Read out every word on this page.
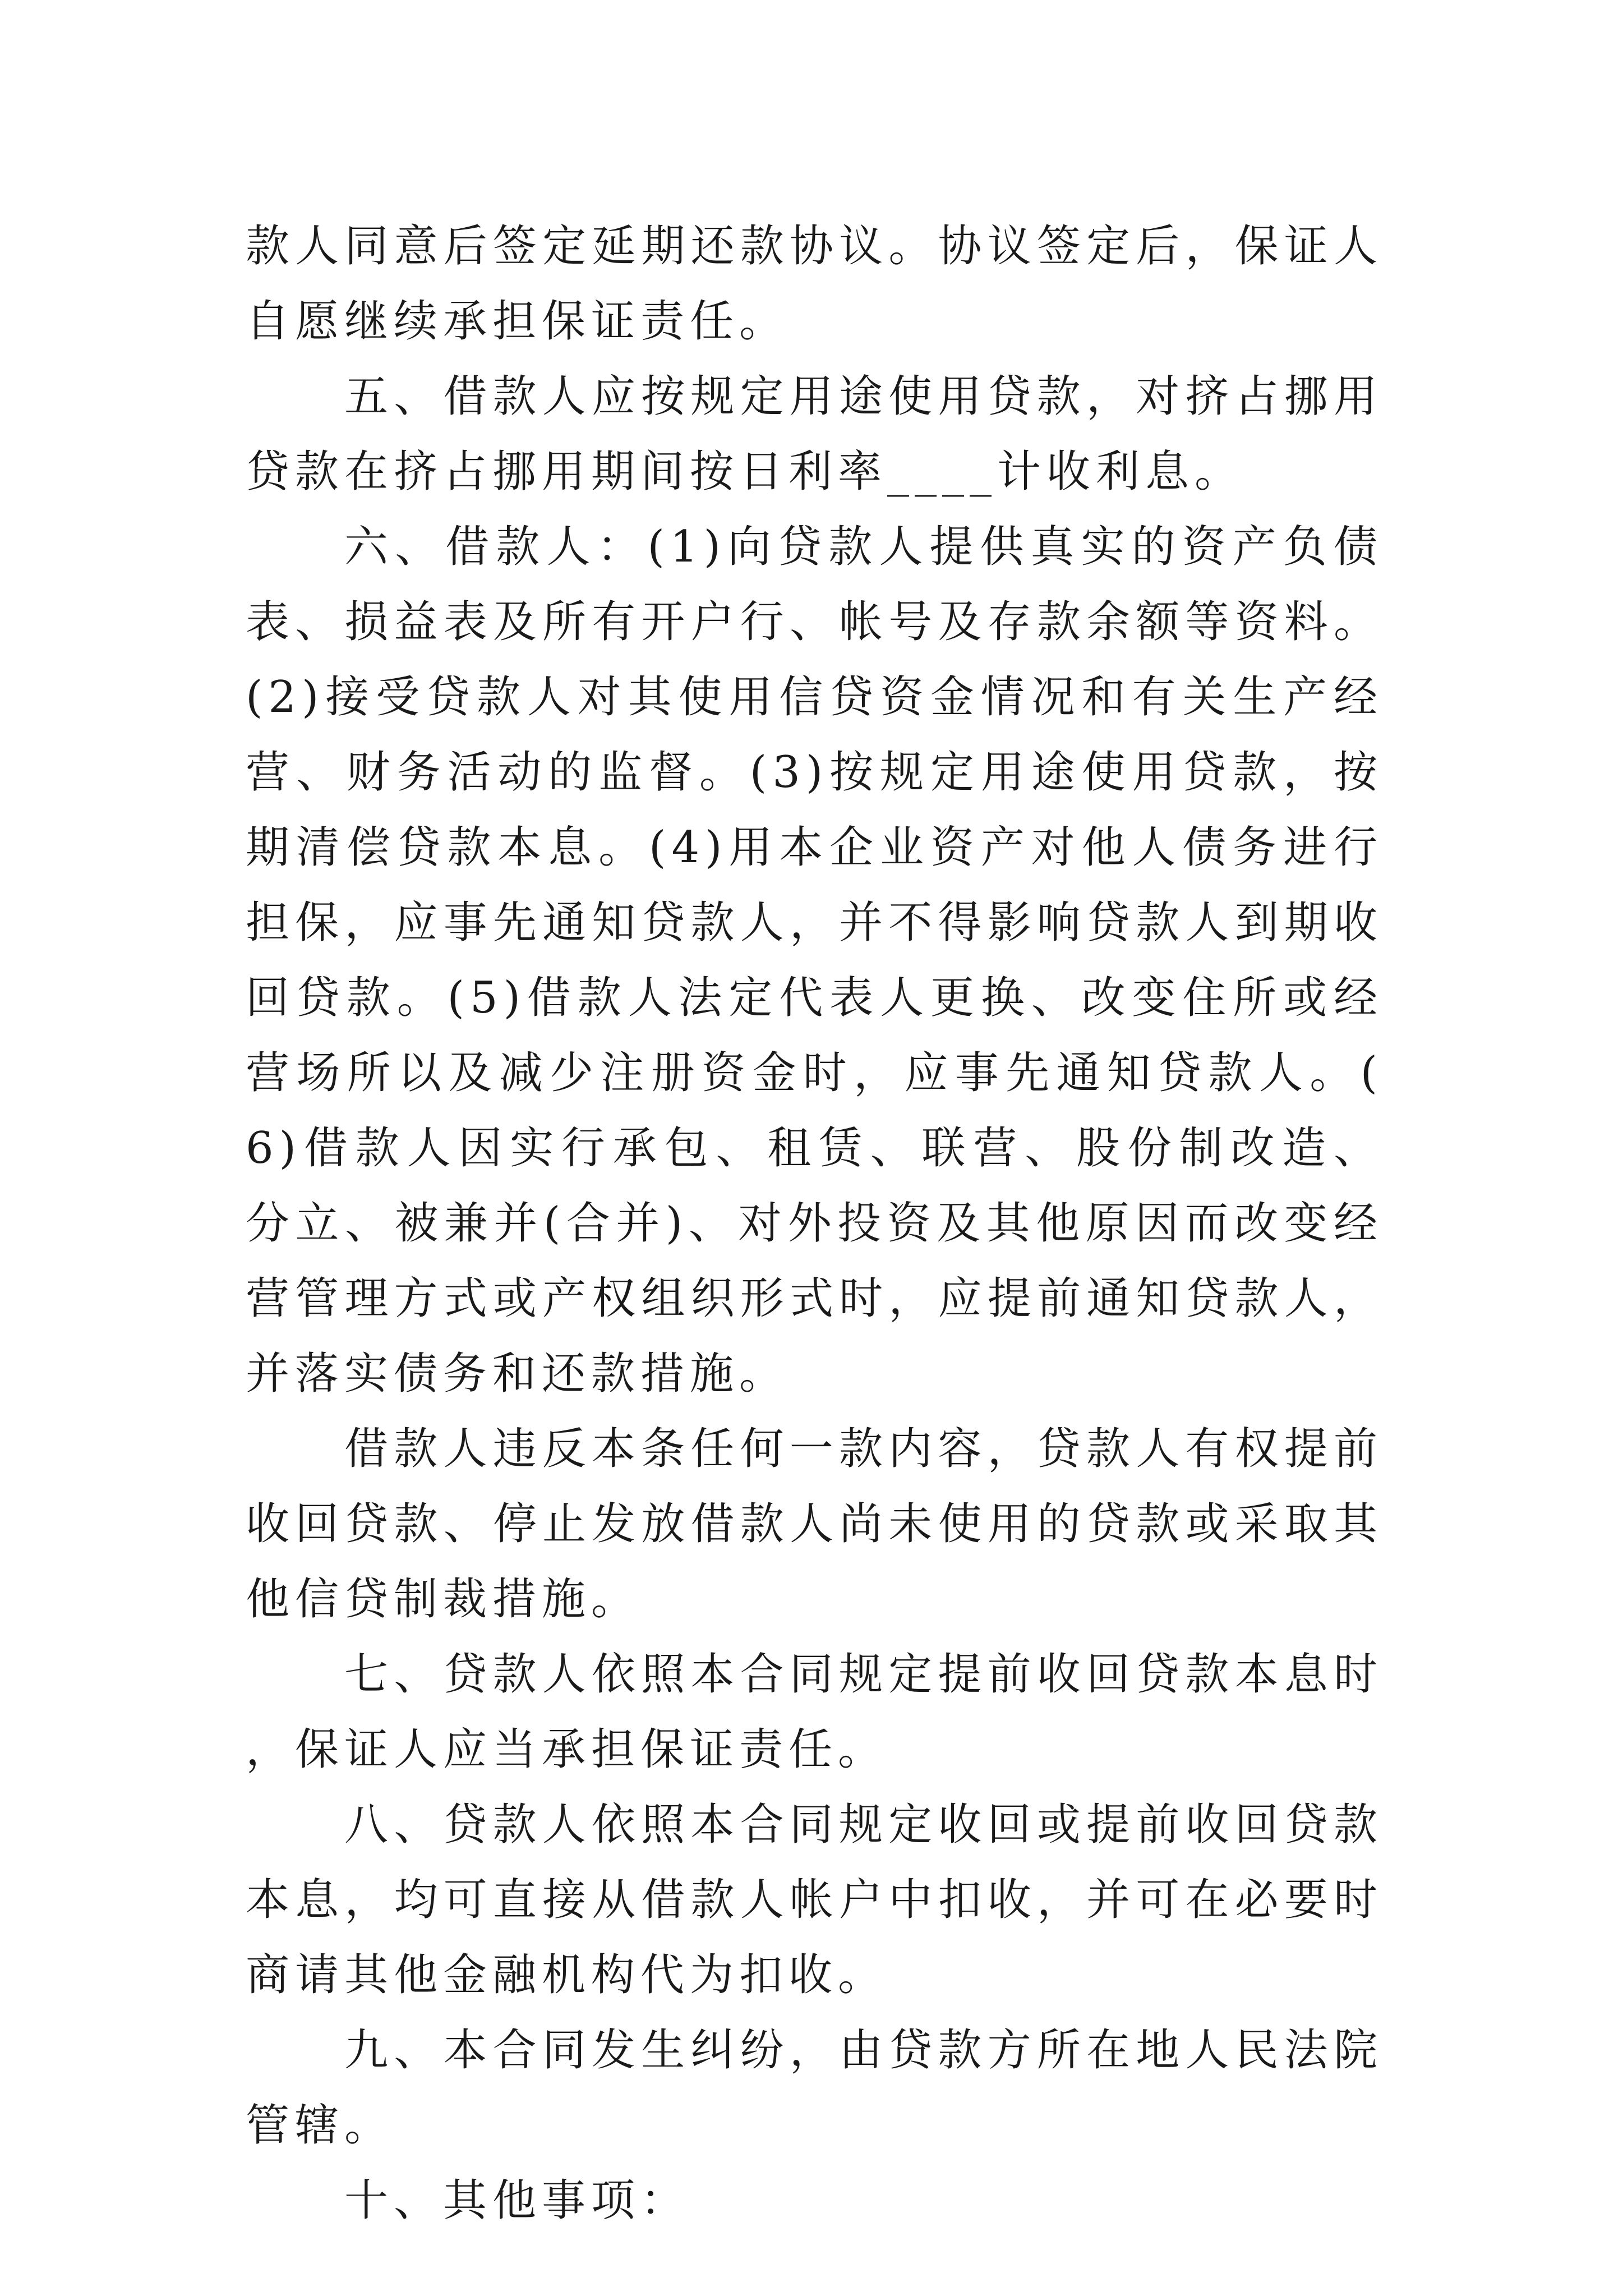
款人同意后签定延期还款协议。协议签定后，保证人自愿继续承担保证责任。

五、借款人应按规定用途使用贷款，对挤占挪用贷款在挤占挪用期间按日利率____计收利息。

六、借款人：(1)向贷款人提供真实的资产负债表、损益表及所有开户行、帐号及存款余额等资料。(2)接受贷款人对其使用信贷资金情况和有关生产经营、财务活动的监督。(3)按规定用途使用贷款，按期清偿贷款本息。(4)用本企业资产对他人债务进行担保，应事先通知贷款人，并不得影响贷款人到期收回贷款。(5)借款人法定代表人更换、改变住所或经营场所以及减少注册资金时，应事先通知贷款人。(6)借款人因实行承包、租赁、联营、股份制改造、分立、被兼并(合并)、对外投资及其他原因而改变经营管理方式或产权组织形式时，应提前通知贷款人，并落实债务和还款措施。

借款人违反本条任何一款内容，贷款人有权提前收回贷款、停止发放借款人尚未使用的贷款或采取其他信贷制裁措施。

七、贷款人依照本合同规定提前收回贷款本息时，保证人应当承担保证责任。

八、贷款人依照本合同规定收回或提前收回贷款本息，均可直接从借款人帐户中扣收，并可在必要时商请其他金融机构代为扣收。

九、本合同发生纠纷，由贷款方所在地人民法院管辖。

十、其他事项：
